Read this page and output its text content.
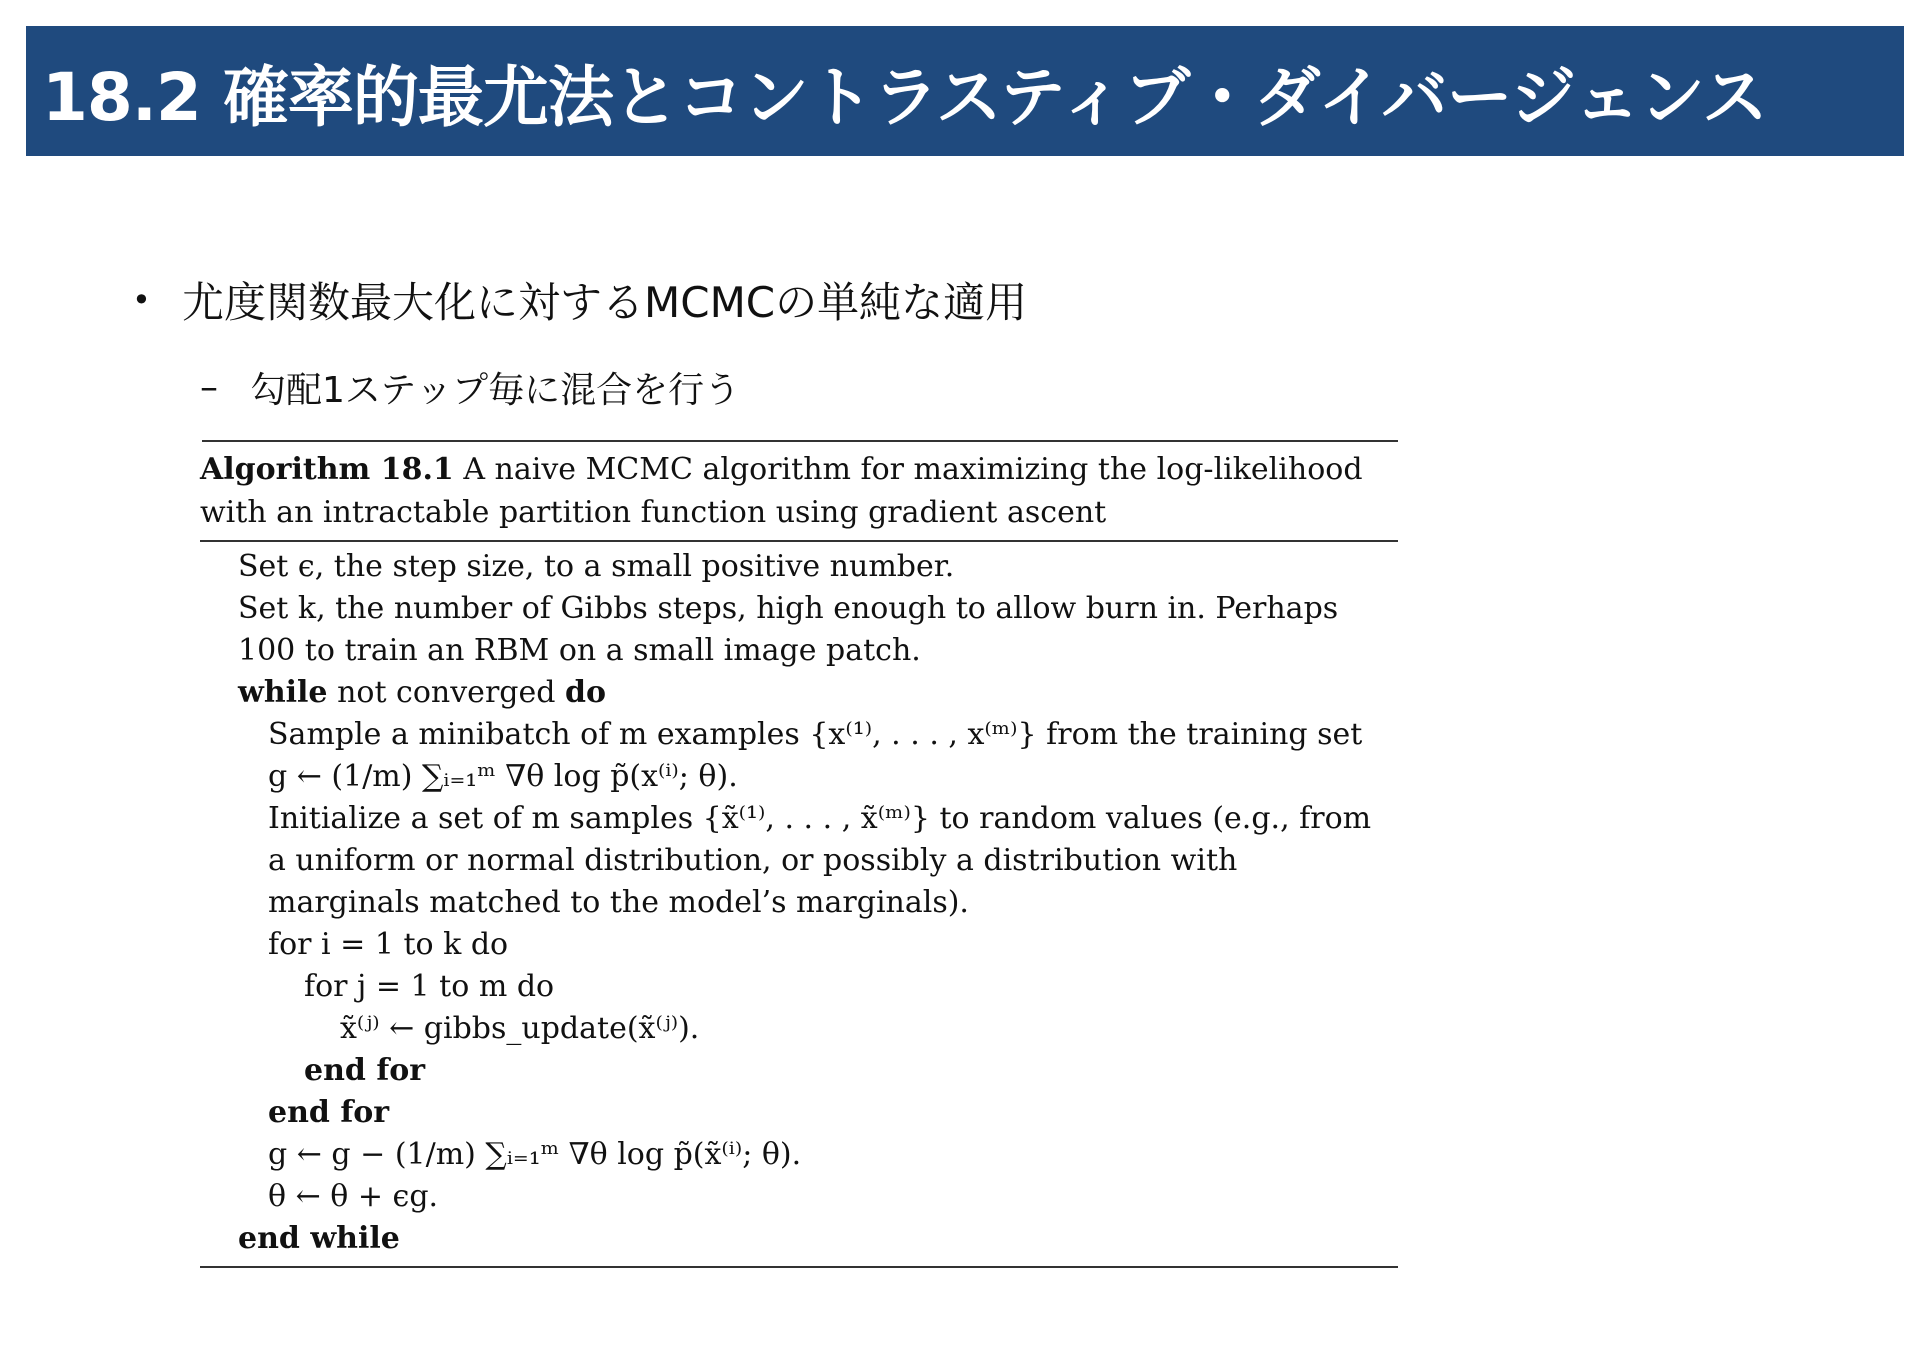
18.2 確率的最尤法とコントラスティブ・ダイバージェンス
• 尤度関数最大化に対するMCMCの単純な適用
– 勾配1ステップ毎に混合を行う
Algorithm 18.1 A naive MCMC algorithm for maximizing the log-likelihood with an intractable partition function using gradient ascent
Set ϵ, the step size, to a small positive number.
Set k, the number of Gibbs steps, high enough to allow burn in. Perhaps 100 to train an RBM on a small image patch.
while not converged do
Sample a minibatch of m examples {x⁽¹⁾, . . . , x⁽ᵐ⁾} from the training set
g ← (1/m) ∑ᵢ₌₁ᵐ ∇θ log p̃(x⁽ⁱ⁾; θ).
Initialize a set of m samples {x̃⁽¹⁾, . . . , x̃⁽ᵐ⁾} to random values (e.g., from a uniform or normal distribution, or possibly a distribution with marginals matched to the model’s marginals).
for i = 1 to k do
for j = 1 to m do
x̃⁽ʲ⁾ ← gibbs_update(x̃⁽ʲ⁾).
end for
end for
g ← g − (1/m) ∑ᵢ₌₁ᵐ ∇θ log p̃(x̃⁽ⁱ⁾; θ).
θ ← θ + ϵg.
end while
